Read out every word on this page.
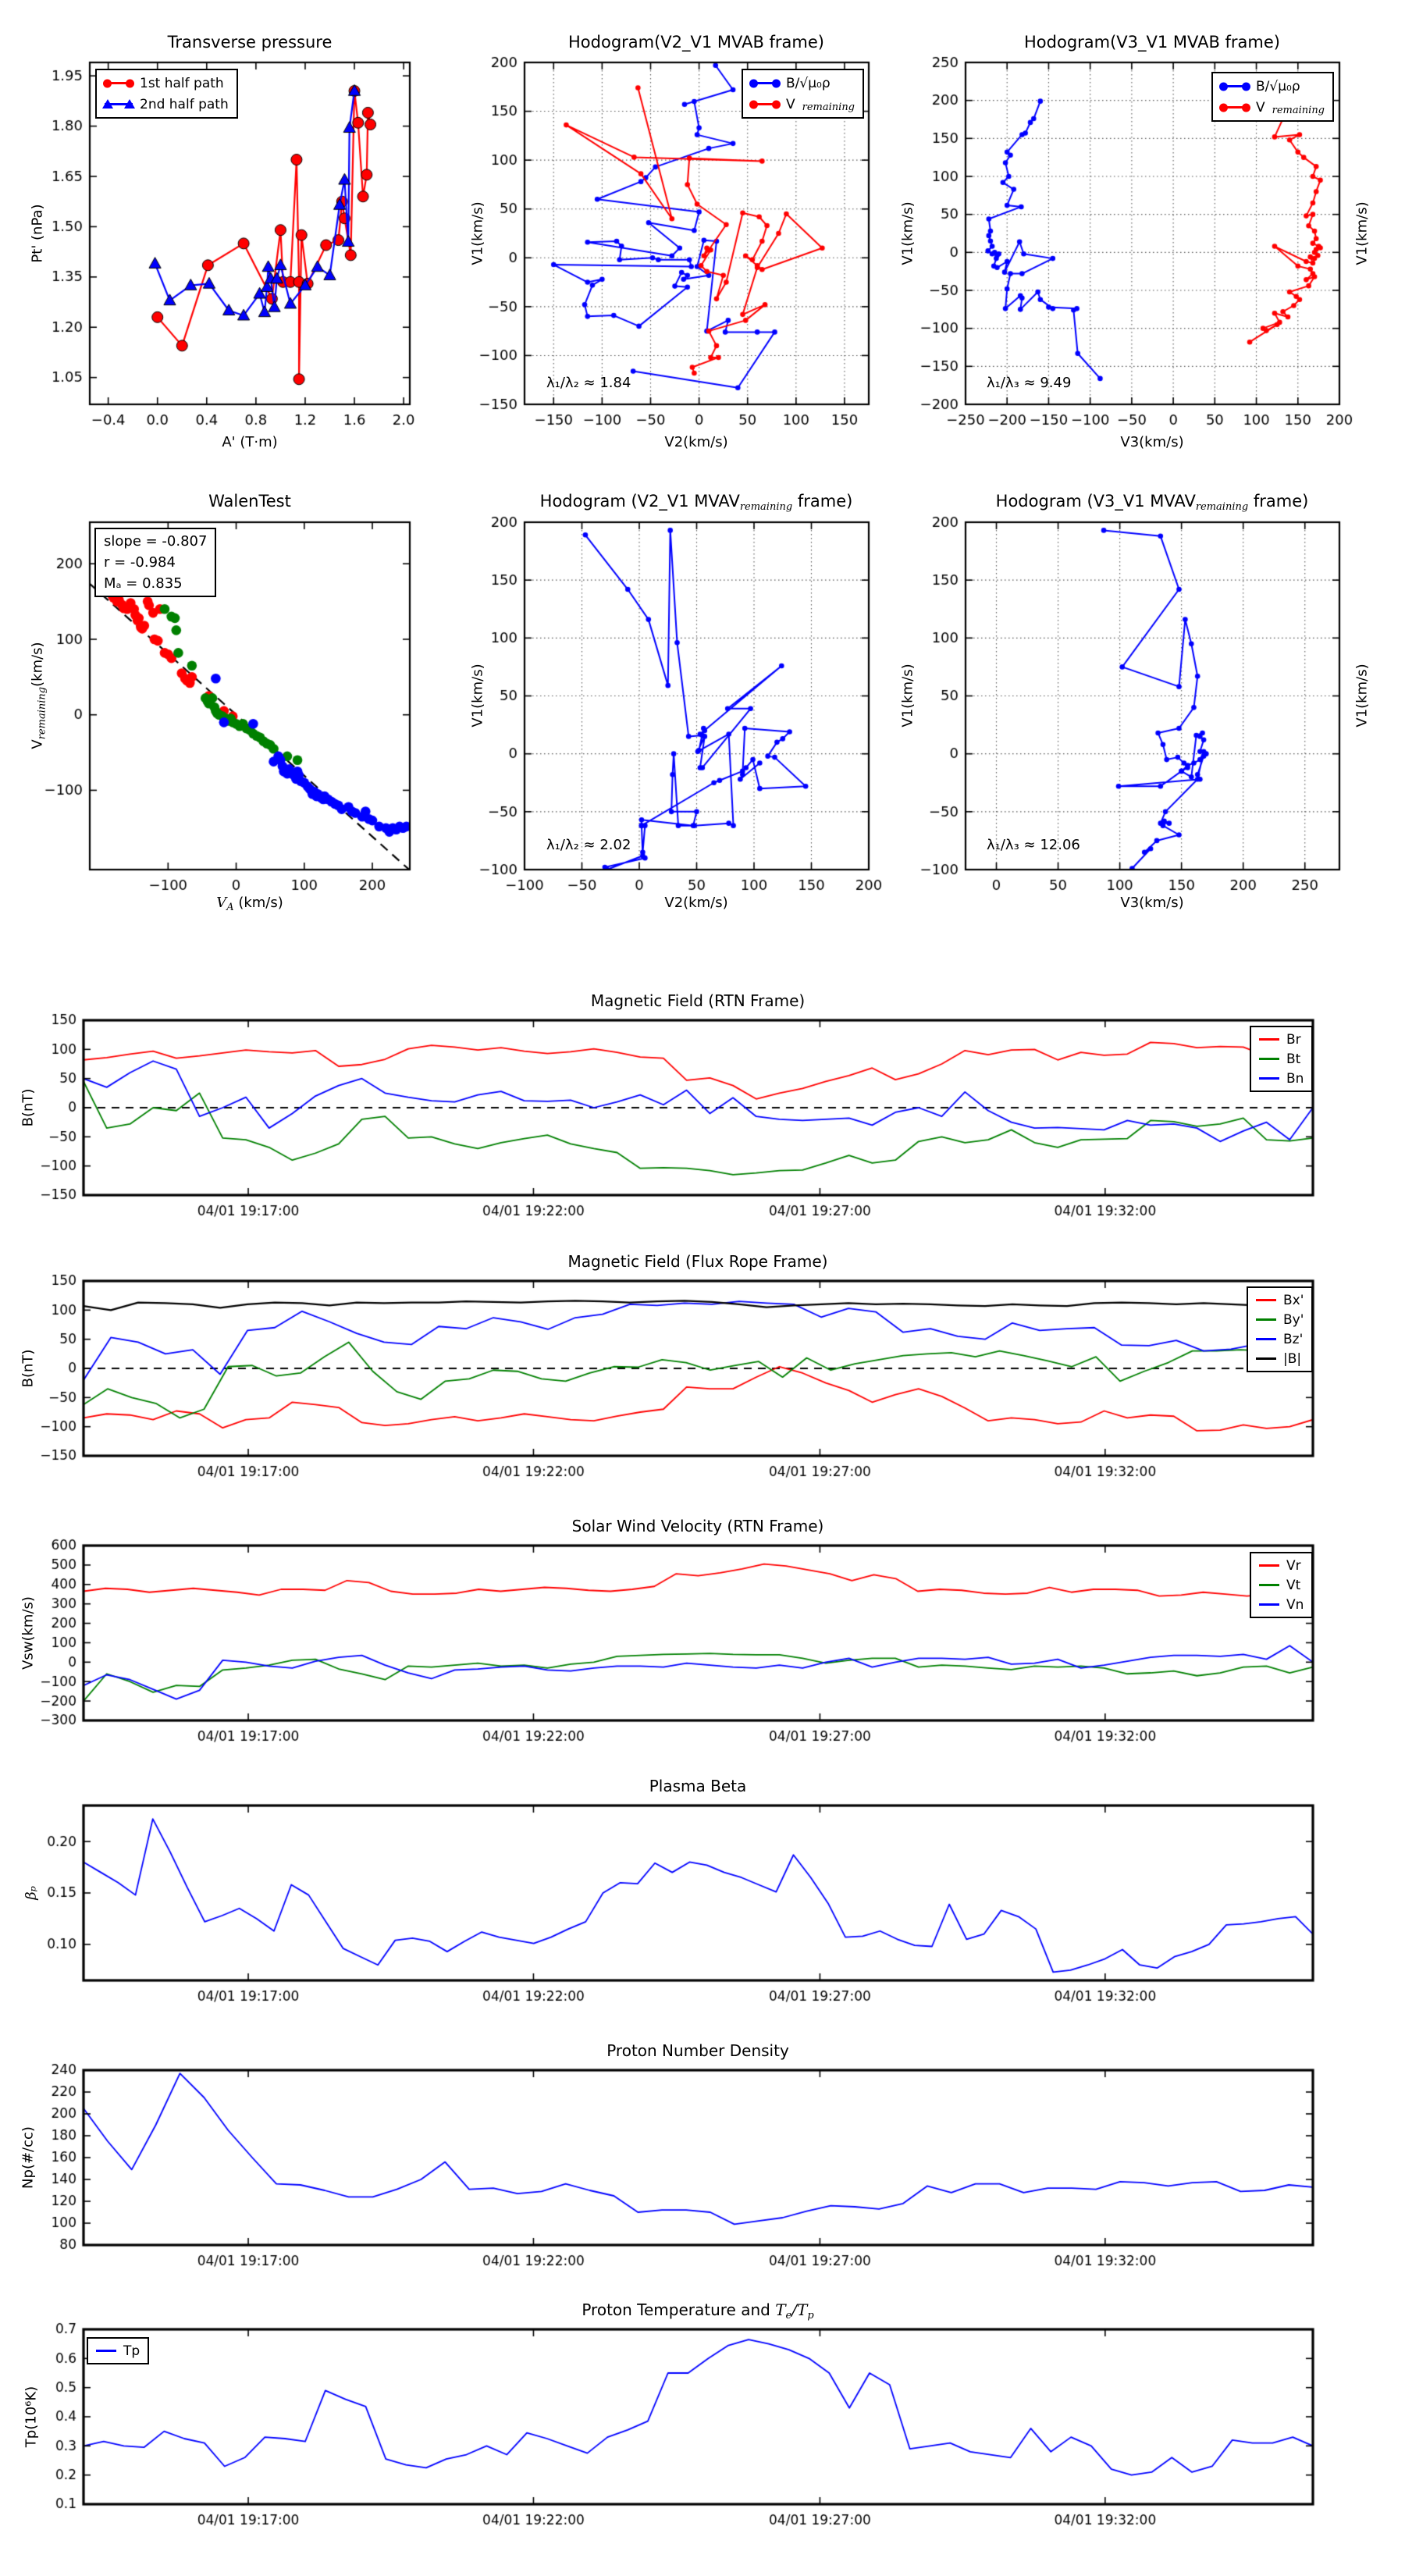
Transverse pressure	Hodogram(V2_V1 MVAB frame)	Hodogram(V3_V1 MVAB frame)
WalenTest	Hodogram (V2_V1 MVAVremaining frame)	Hodogram (V3_V1 MVAVremaining frame)
Magnetic Field (RTN Frame)
Magnetic Field (Flux Rope Frame)
Solar Wind Velocity (RTN Frame)
Plasma Beta
Proton Number Density
Proton Temperature and $T_e/T_p$
Pt' (nPa)	V1(km/s)	V1(km/s)	V1(km/s)
$V_{remaining}(km/s)$	V1(km/s)	V1(km/s)	V1(km/s)
B(nT)
B(nT)
Vsw(km/s)
βₚ
Np(#/cc)
Tp(10⁶K)
A' (T·m)	V2(km/s)	V3(km/s)
$V_A$ (km/s)	V2(km/s)	V3(km/s)
1st half path
2nd half path
B/√μ₀ρ
V remaining
B/√μ₀ρ
V remaining
slope = -0.807
r = -0.984
Mₐ = 0.835
Br
Bt
Bn
Bx'
By'
Bz'
|B|
Vr
Vt
Vn
Tp
λ₁/λ₂ ≈ 1.84	λ₁/λ₃ ≈ 9.49
λ₁/λ₂ ≈ 2.02	λ₁/λ₃ ≈ 12.06
